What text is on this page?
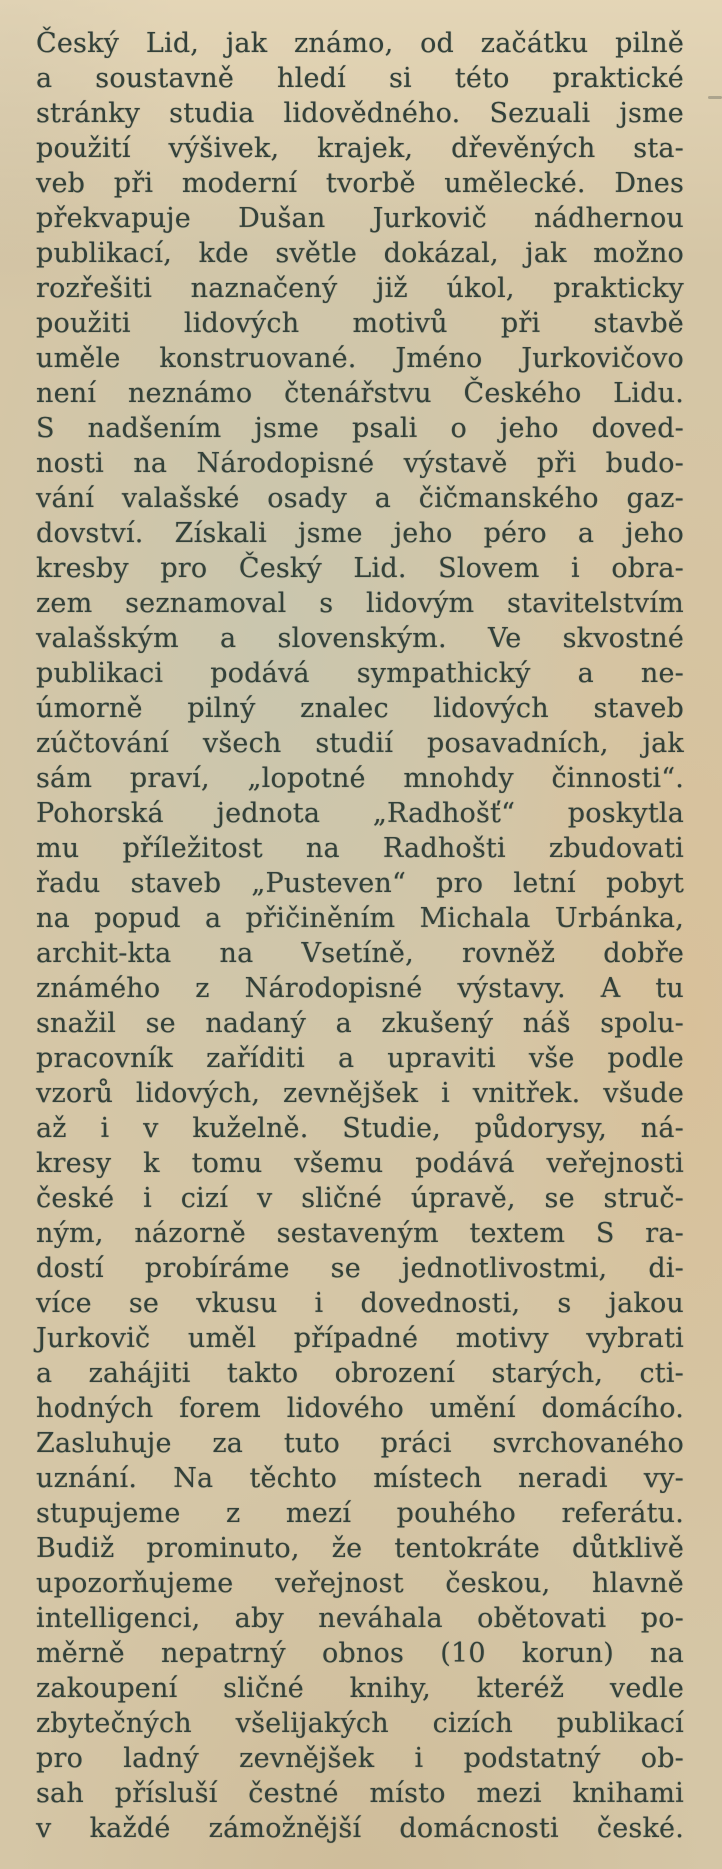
Český Lid, jak známo, od začátku pilně
a soustavně hledí si této praktické
stránky studia lidovědného. Sezuali jsme
použití výšivek, krajek, dřevěných sta-
veb při moderní tvorbě umělecké. Dnes
překvapuje Dušan Jurkovič nádhernou
publikací, kde světle dokázal, jak možno
rozřešiti naznačený již úkol, prakticky
použiti lidových motivů při stavbě
uměle konstruované. Jméno Jurkovičovo
není neznámo čtenářstvu Českého Lidu.
S nadšením jsme psali o jeho doved-
nosti na Národopisné výstavě při budo-
vání valašské osady a čičmanského gaz-
dovství. Získali jsme jeho péro a jeho
kresby pro Český Lid. Slovem i obra-
zem seznamoval s lidovým stavitelstvím
valašským a slovenským. Ve skvostné
publikaci podává sympathický a ne-
úmorně pilný znalec lidových staveb
zúčtování všech studií posavadních, jak
sám praví, „lopotné mnohdy činnosti“.
Pohorská jednota „Radhošť“ poskytla
mu příležitost na Radhošti zbudovati
řadu staveb „Pusteven“ pro letní pobyt
na popud a přičiněním Michala Urbánka,
archit-kta na Vsetíně, rovněž dobře
známého z Národopisné výstavy. A tu
snažil se nadaný a zkušený náš spolu-
pracovník zaříditi a upraviti vše podle
vzorů lidových, zevnějšek i vnitřek. všude
až i v kuželně. Studie, půdorysy, ná-
kresy k tomu všemu podává veřejnosti
české i cizí v sličné úpravě, se struč-
ným, názorně sestaveným textem S ra-
dostí probíráme se jednotlivostmi, di-
více se vkusu i dovednosti, s jakou
Jurkovič uměl případné motivy vybrati
a zahájiti takto obrození starých, cti-
hodných forem lidového umění domácího.
Zasluhuje za tuto práci svrchovaného
uznání. Na těchto místech neradi vy-
stupujeme z mezí pouhého referátu.
Budiž prominuto, že tentokráte důtklivě
upozorňujeme veřejnost českou, hlavně
intelligenci, aby neváhala obětovati po-
měrně nepatrný obnos (10 korun) na
zakoupení sličné knihy, kteréž vedle
zbytečných všelijakých cizích publikací
pro ladný zevnějšek i podstatný ob-
sah přísluší čestné místo mezi knihami
v každé zámožnější domácnosti české.
